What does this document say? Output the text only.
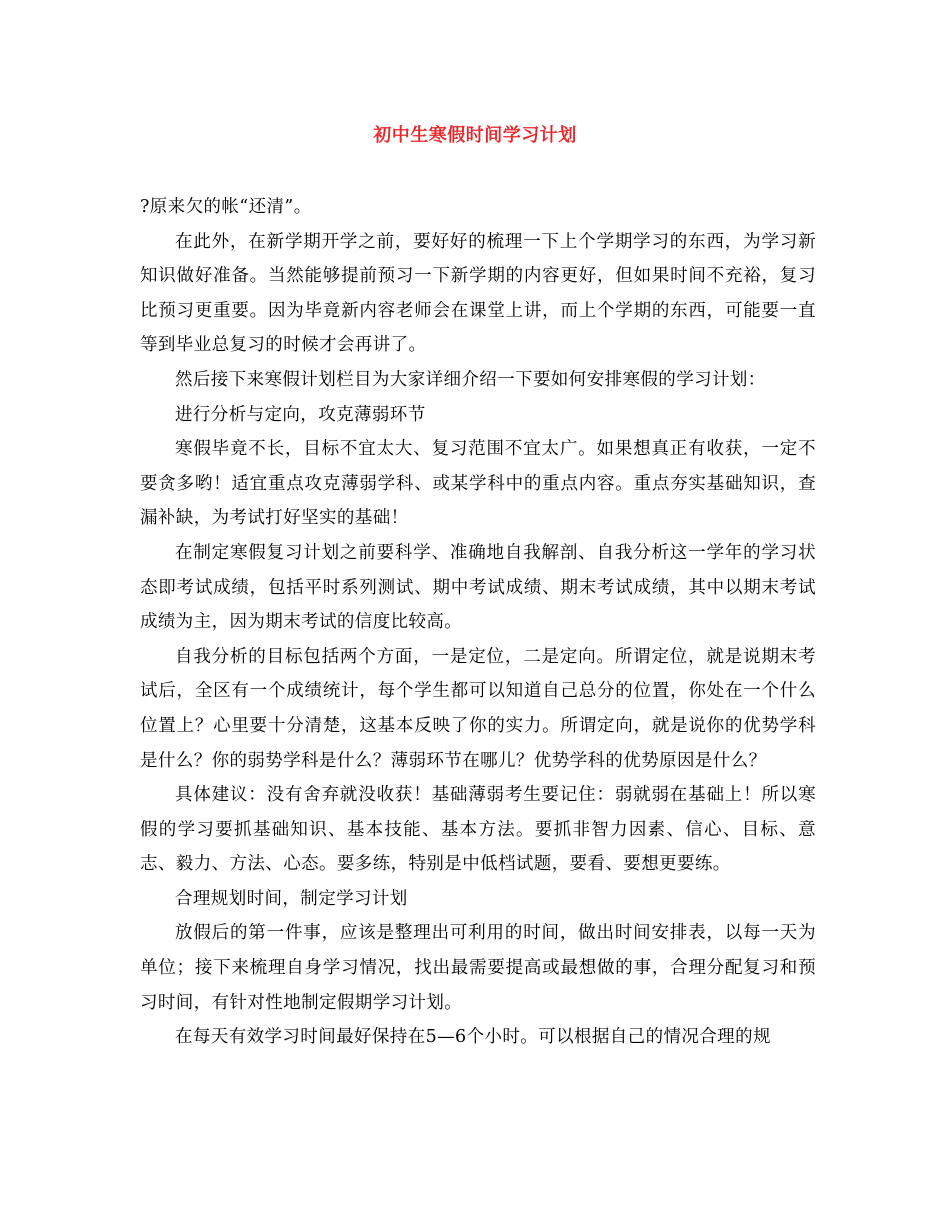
初中生寒假时间学习计划

?原来欠的帐“还清”。

在此外，在新学期开学之前，要好好的梳理一下上个学期学习的东西，为学习新知识做好准备。当然能够提前预习一下新学期的内容更好，但如果时间不充裕，复习比预习更重要。因为毕竟新内容老师会在课堂上讲，而上个学期的东西，可能要一直等到毕业总复习的时候才会再讲了。

然后接下来寒假计划栏目为大家详细介绍一下要如何安排寒假的学习计划：

进行分析与定向，攻克薄弱环节

寒假毕竟不长，目标不宜太大、复习范围不宜太广。如果想真正有收获，一定不要贪多哟！适宜重点攻克薄弱学科、或某学科中的重点内容。重点夯实基础知识，查漏补缺，为考试打好坚实的基础！

在制定寒假复习计划之前要科学、准确地自我解剖、自我分析这一学年的学习状态即考试成绩，包括平时系列测试、期中考试成绩、期末考试成绩，其中以期末考试成绩为主，因为期末考试的信度比较高。

自我分析的目标包括两个方面，一是定位，二是定向。所谓定位，就是说期末考试后，全区有一个成绩统计，每个学生都可以知道自己总分的位置，你处在一个什么位置上？心里要十分清楚，这基本反映了你的实力。所谓定向，就是说你的优势学科是什么？你的弱势学科是什么？薄弱环节在哪儿？优势学科的优势原因是什么？

具体建议：没有舍弃就没收获！基础薄弱考生要记住：弱就弱在基础上！所以寒假的学习要抓基础知识、基本技能、基本方法。要抓非智力因素、信心、目标、意志、毅力、方法、心态。要多练，特别是中低档试题，要看、要想更要练。

合理规划时间，制定学习计划

放假后的第一件事，应该是整理出可利用的时间，做出时间安排表，以每一天为单位；接下来梳理自身学习情况，找出最需要提高或最想做的事，合理分配复习和预习时间，有针对性地制定假期学习计划。

在每天有效学习时间最好保持在5—6个小时。可以根据自己的情况合理的规
